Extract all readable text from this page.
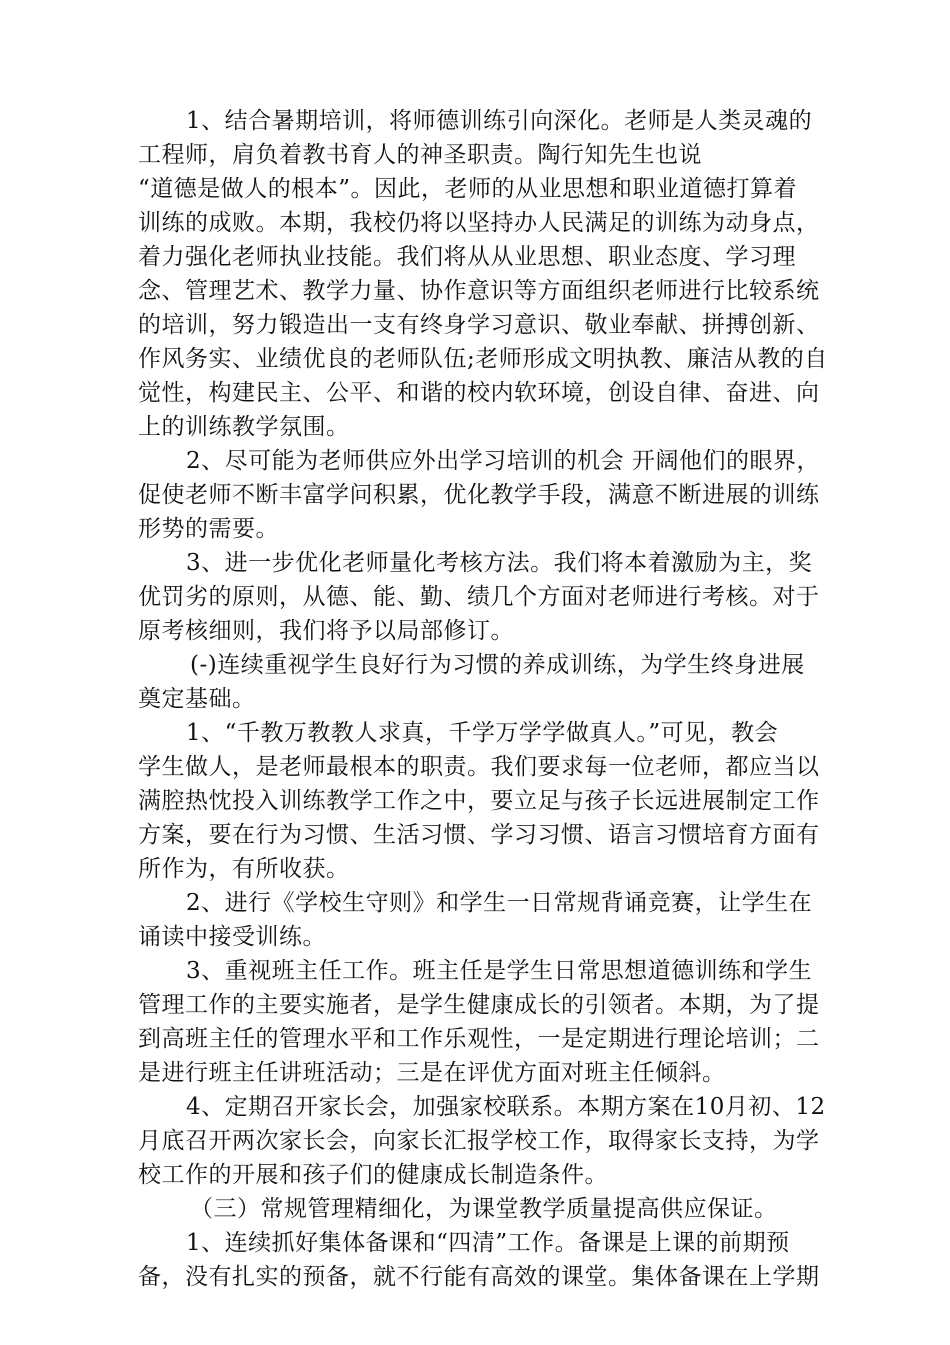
1、结合暑期培训，将师德训练引向深化。老师是人类灵魂的
工程师，肩负着教书育人的神圣职责。陶行知先生也说
“道德是做人的根本”。因此，老师的从业思想和职业道德打算着
训练的成败。本期，我校仍将以坚持办人民满足的训练为动身点，
着力强化老师执业技能。我们将从从业思想、职业态度、学习理
念、管理艺术、教学力量、协作意识等方面组织老师进行比较系统
的培训，努力锻造出一支有终身学习意识、敬业奉献、拼搏创新、
作风务实、业绩优良的老师队伍;老师形成文明执教、廉洁从教的自
觉性，构建民主、公平、和谐的校内软环境，创设自律、奋进、向
上的训练教学氛围。
2、尽可能为老师供应外出学习培训的机会 开阔他们的眼界，
促使老师不断丰富学问积累，优化教学手段，满意不断进展的训练
形势的需要。
3、进一步优化老师量化考核方法。我们将本着激励为主，奖
优罚劣的原则，从德、能、勤、绩几个方面对老师进行考核。对于
原考核细则，我们将予以局部修订。
(-)连续重视学生良好行为习惯的养成训练，为学生终身进展
奠定基础。
1、“千教万教教人求真，千学万学学做真人。”可见，教会
学生做人，是老师最根本的职责。我们要求每一位老师，都应当以
满腔热忱投入训练教学工作之中，要立足与孩子长远进展制定工作
方案，要在行为习惯、生活习惯、学习习惯、语言习惯培育方面有
所作为，有所收获。
2、进行《学校生守则》和学生一日常规背诵竞赛，让学生在
诵读中接受训练。
3、重视班主任工作。班主任是学生日常思想道德训练和学生
管理工作的主要实施者，是学生健康成长的引领者。本期，为了提
到高班主任的管理水平和工作乐观性，一是定期进行理论培训；二
是进行班主任讲班活动；三是在评优方面对班主任倾斜。
4、定期召开家长会，加强家校联系。本期方案在10月初、12
月底召开两次家长会，向家长汇报学校工作，取得家长支持，为学
校工作的开展和孩子们的健康成长制造条件。
（三）常规管理精细化，为课堂教学质量提高供应保证。
1、连续抓好集体备课和“四清”工作。备课是上课的前期预
备，没有扎实的预备，就不行能有高效的课堂。集体备课在上学期
